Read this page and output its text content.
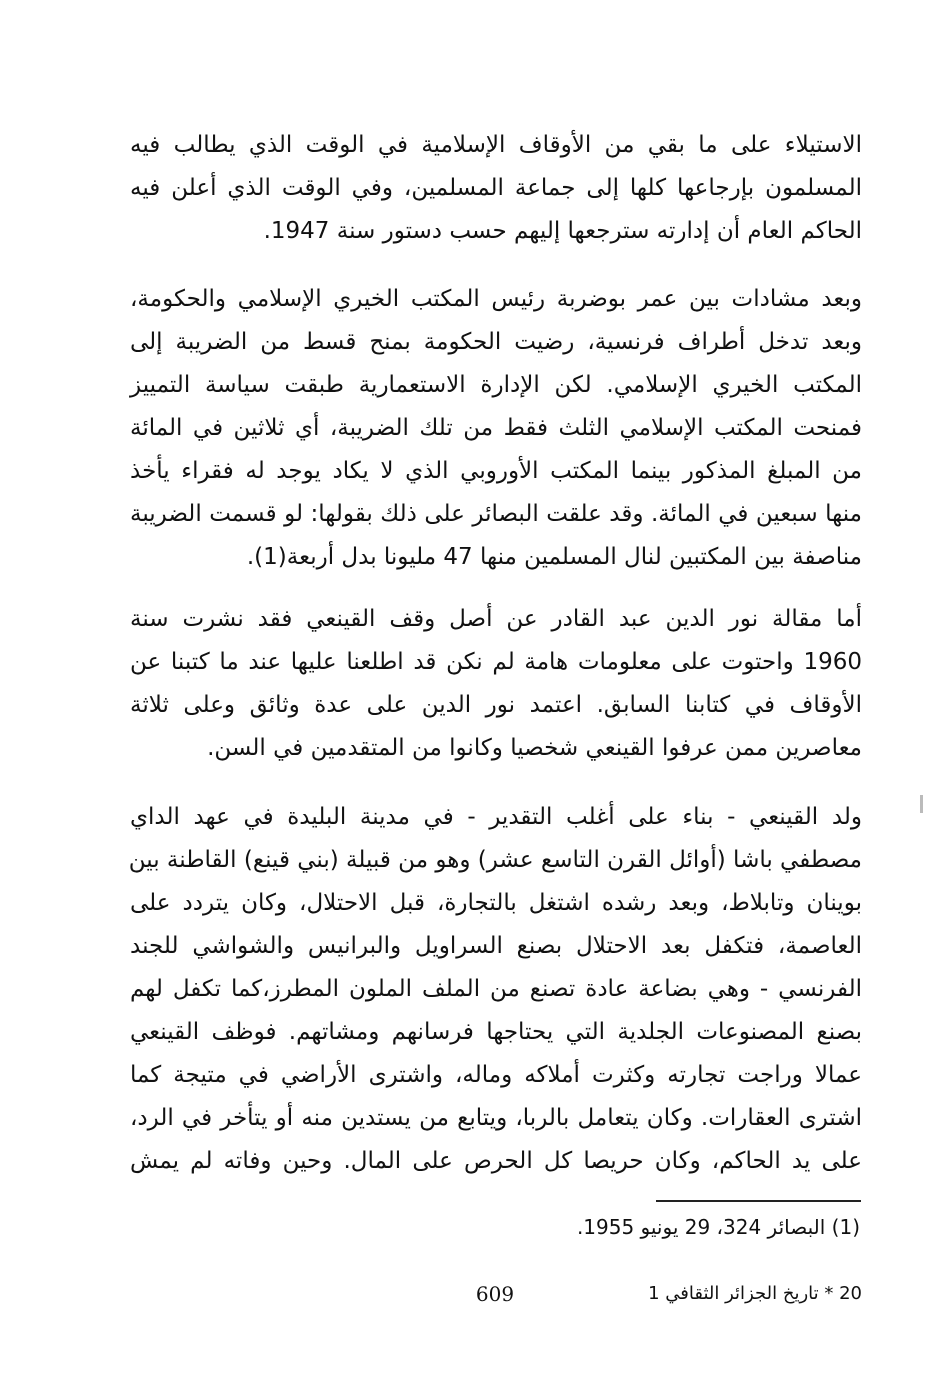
الاستيلاء على ما بقي من الأوقاف الإسلامية في الوقت الذي يطالب فيه
المسلمون بإرجاعها كلها إلى جماعة المسلمين، وفي الوقت الذي أعلن فيه
الحاكم العام أن إدارته سترجعها إليهم حسب دستور سنة 1947.
وبعد مشادات بين عمر بوضربة رئيس المكتب الخيري الإسلامي والحكومة،
وبعد تدخل أطراف فرنسية، رضيت الحكومة بمنح قسط من الضريبة إلى
المكتب الخيري الإسلامي. لكن الإدارة الاستعمارية طبقت سياسة التمييز
فمنحت المكتب الإسلامي الثلث فقط من تلك الضريبة، أي ثلاثين في المائة
من المبلغ المذكور بينما المكتب الأوروبي الذي لا يكاد يوجد له فقراء يأخذ
منها سبعين في المائة. وقد علقت البصائر على ذلك بقولها: لو قسمت الضريبة
مناصفة بين المكتبين لنال المسلمين منها 47 مليونا بدل أربعة(1).
أما مقالة نور الدين عبد القادر عن أصل وقف القينعي فقد نشرت سنة
1960 واحتوت على معلومات هامة لم نكن قد اطلعنا عليها عند ما كتبنا عن
الأوقاف في كتابنا السابق. اعتمد نور الدين على عدة وثائق وعلى ثلاثة
معاصرين ممن عرفوا القينعي شخصيا وكانوا من المتقدمين في السن.
ولد القينعي - بناء على أغلب التقدير - في مدينة البليدة في عهد الداي
مصطفي باشا (أوائل القرن التاسع عشر) وهو من قبيلة (بني قينع) القاطنة بين
بوينان وتابلاط، وبعد رشده اشتغل بالتجارة، قبل الاحتلال، وكان يتردد على
العاصمة، فتكفل بعد الاحتلال بصنع السراويل والبرانيس والشواشي للجند
الفرنسي - وهي بضاعة عادة تصنع من الملف الملون المطرز،كما تكفل لهم
بصنع المصنوعات الجلدية التي يحتاجها فرسانهم ومشاتهم. فوظف القينعي
عمالا وراجت تجارته وكثرت أملاكه وماله، واشترى الأراضي في متيجة كما
اشترى العقارات. وكان يتعامل بالربا، ويتابع من يستدين منه أو يتأخر في الرد،
على يد الحاكم، وكان حريصا كل الحرص على المال. وحين وفاته لم يمش
(1) البصائر 324، 29 يونيو 1955.
609	20 * تاريخ الجزائر الثقافي 1
